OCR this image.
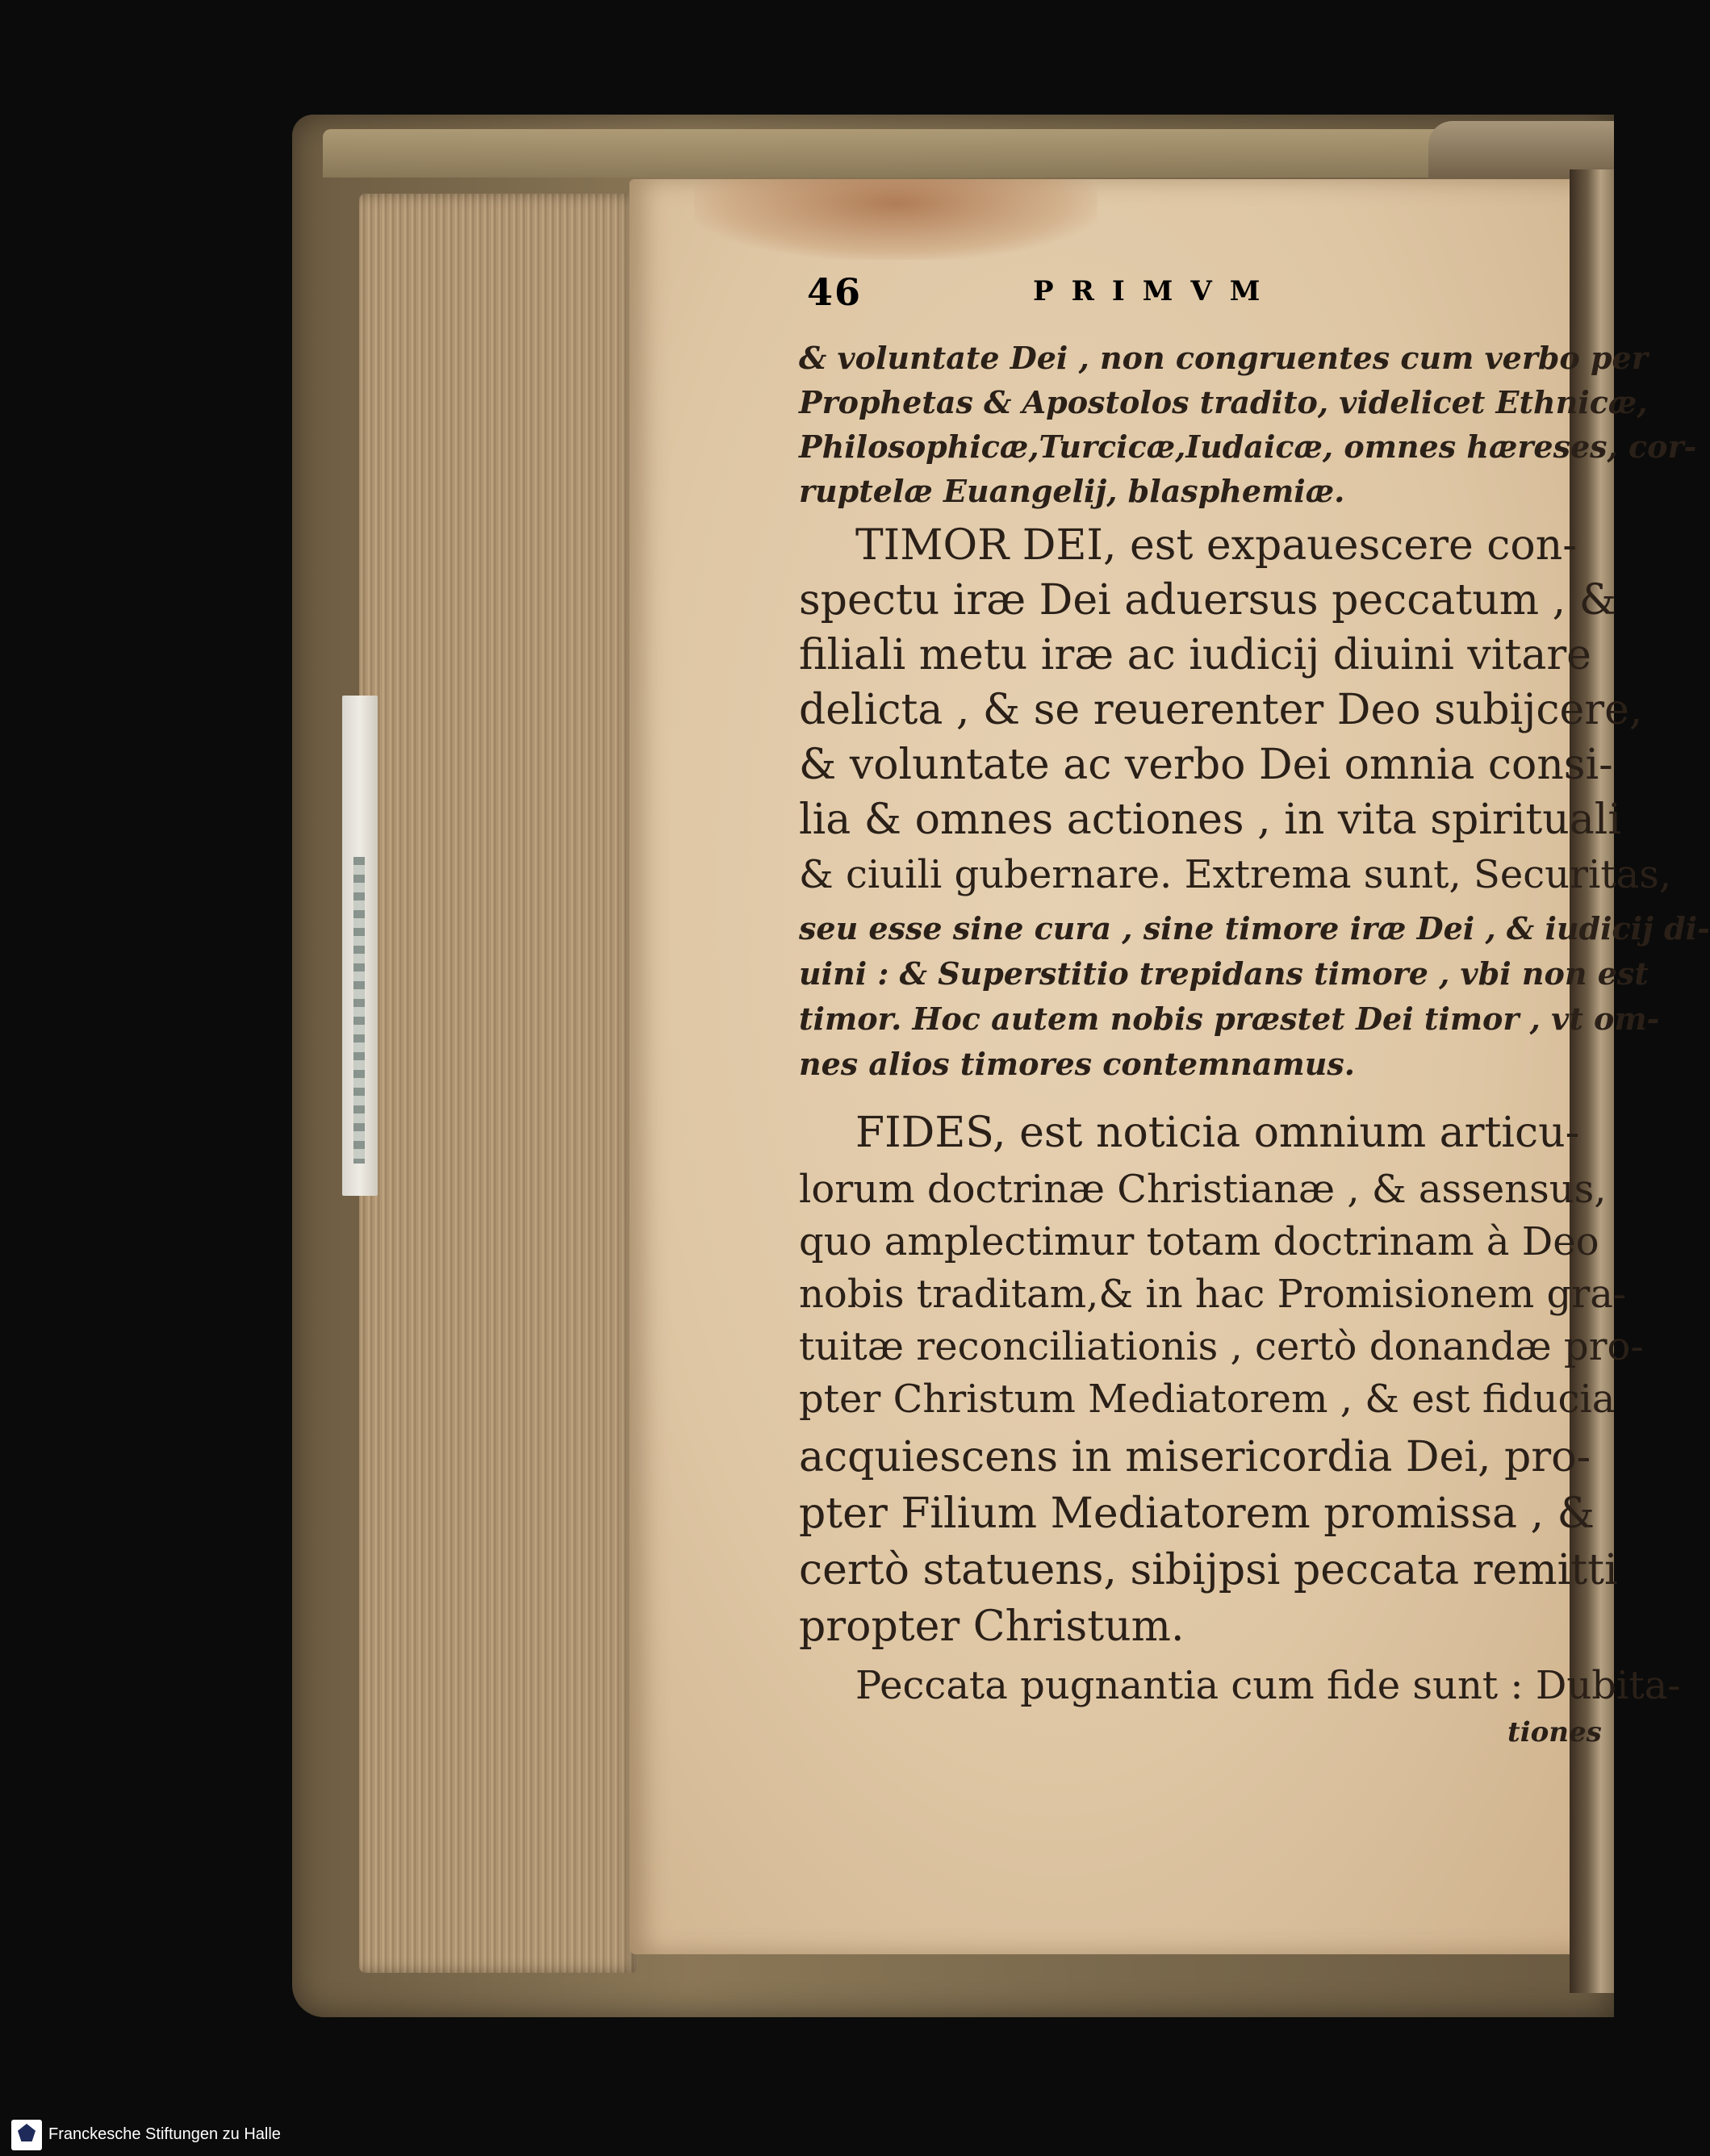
46	PRIMVM
& voluntate Dei , non congruentes cum verbo per
Prophetas & Apostolos tradito, videlicet Ethnicæ,
Philosophicæ,Turcicæ,Iudaicæ, omnes hæreses, cor-
ruptelæ Euangelij, blasphemiæ.
TIMOR DEI, est expauescere con-
spectu iræ Dei aduersus peccatum , &
filiali metu iræ ac iudicij diuini vitare
delicta , & se reuerenter Deo subijcere,
& voluntate ac verbo Dei omnia consi-
lia & omnes actiones , in vita spirituali
& ciuili gubernare. Extrema sunt, Securitas,
seu esse sine cura , sine timore iræ Dei , & iudicij di-
uini : & Superstitio trepidans timore , vbi non est
timor. Hoc autem nobis præstet Dei timor , vt om-
nes alios timores contemnamus.
FIDES, est noticia omnium articu-
lorum doctrinæ Christianæ , & assensus,
quo amplectimur totam doctrinam à Deo
nobis traditam,& in hac Promisionem gra-
tuitæ reconciliationis , certò donandæ pro-
pter Christum Mediatorem , & est fiducia
acquiescens in misericordia Dei, pro-
pter Filium Mediatorem promissa , &
certò statuens, sibijpsi peccata remitti
propter Christum.
Peccata pugnantia cum fide sunt : Dubita-
tiones
Franckesche Stiftungen zu Halle
